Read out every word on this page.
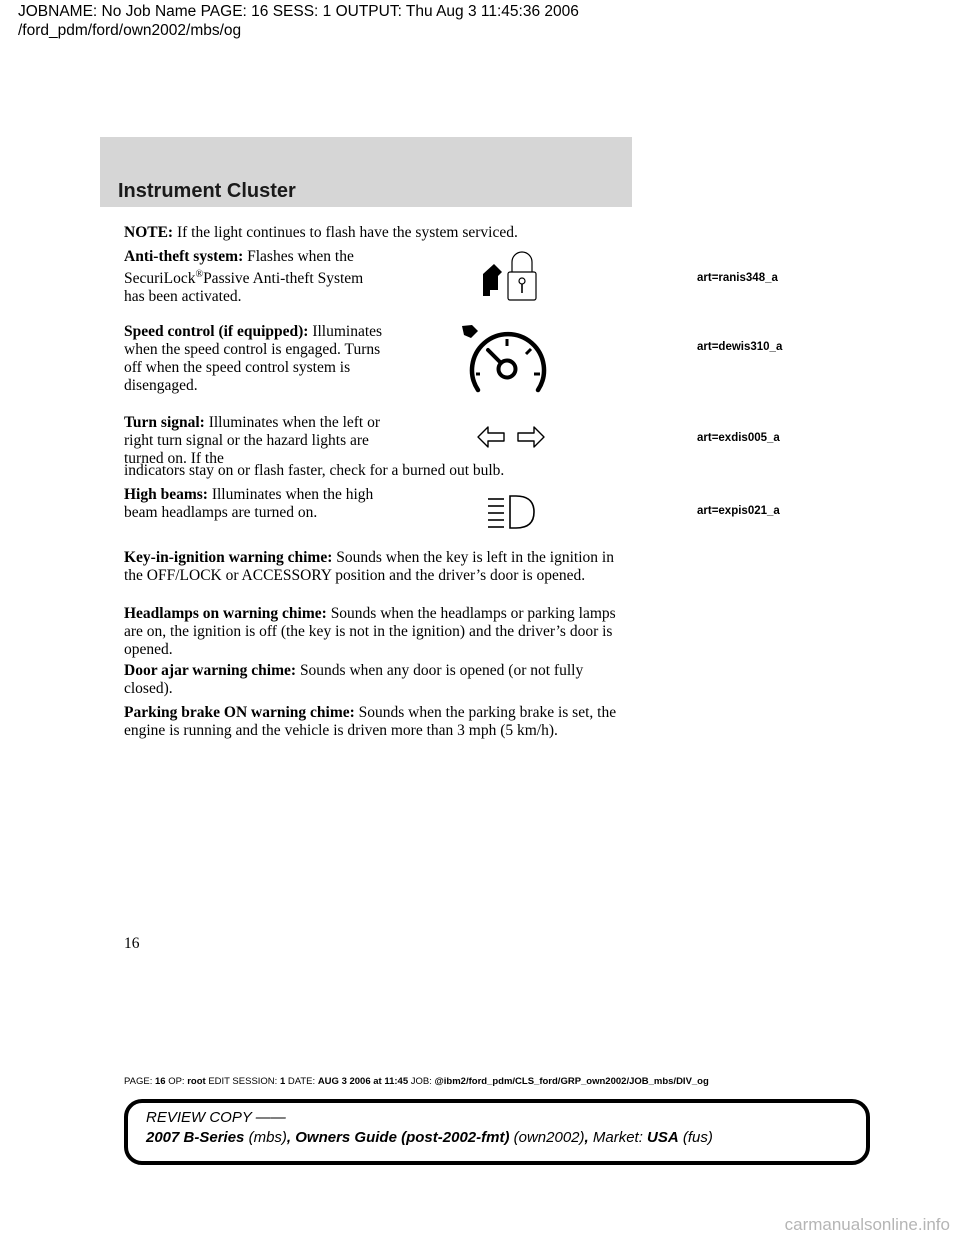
JOBNAME: No Job Name PAGE: 16 SESS: 1 OUTPUT: Thu Aug 3 11:45:36 2006
/ford_pdm/ford/own2002/mbs/og
Instrument Cluster
NOTE: If the light continues to flash have the system serviced.
Anti-theft system: Flashes when the SecuriLock®Passive Anti-theft System has been activated.
art=ranis348_a
Speed control (if equipped): Illuminates when the speed control is engaged. Turns off when the speed control system is disengaged.
art=dewis310_a
Turn signal: Illuminates when the left or right turn signal or the hazard lights are turned on. If the
indicators stay on or flash faster, check for a burned out bulb.
art=exdis005_a
High beams: Illuminates when the high beam headlamps are turned on.	art=expis021_a
Key-in-ignition warning chime: Sounds when the key is left in the ignition in the OFF/LOCK or ACCESSORY position and the driver’s door is opened.
Headlamps on warning chime: Sounds when the headlamps or parking lamps are on, the ignition is off (the key is not in the ignition) and the driver’s door is opened.
Door ajar warning chime: Sounds when any door is opened (or not fully closed).
Parking brake ON warning chime: Sounds when the parking brake is set, the engine is running and the vehicle is driven more than 3 mph (5 km/h).
16
PAGE: 16 OP: root EDIT SESSION: 1 DATE: AUG 3 2006 at 11:45 JOB: @ibm2/ford_pdm/CLS_ford/GRP_own2002/JOB_mbs/DIV_og
REVIEW COPY ——
2007 B-Series (mbs), Owners Guide (post-2002-fmt) (own2002), Market: USA (fus)
carmanualsonline.info
